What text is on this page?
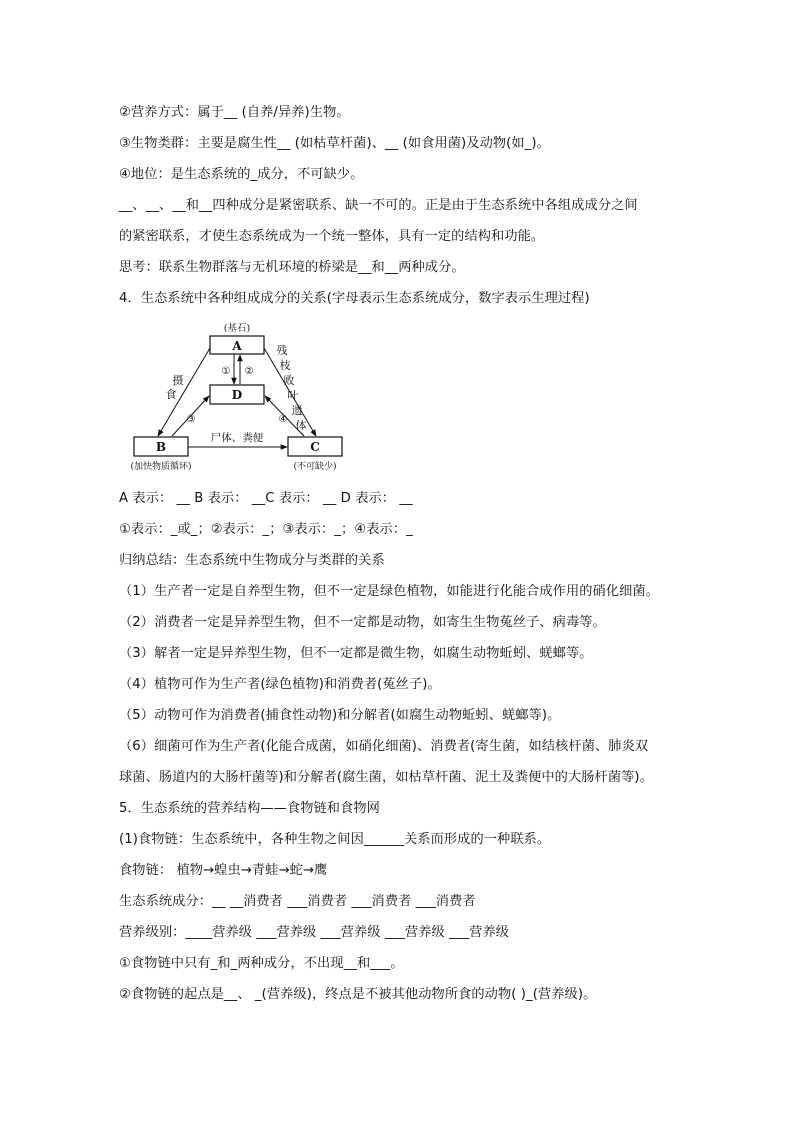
②营养方式：属于__ (自养/异养)生物。
③生物类群：主要是腐生性__ (如枯草杆菌)、__ (如食用菌)及动物(如_)。
④地位：是生态系统的_成分，不可缺少。
__、__、__和__四种成分是紧密联系、缺一不可的。正是由于生态系统中各组成成分之间
的紧密联系，才使生态系统成为一个统一整体，具有一定的结构和功能。
思考：联系生物群落与无机环境的桥梁是__和__两种成分。
4．生态系统中各种组成成分的关系(字母表示生态系统成分，数字表示生理过程)
A
D
B	C
(基石)
(加快物质循环)	(不可缺少)
① ②
③	④
摄
食
残
枝
败
叶
遗
体
尸体、粪便
A 表示： __ B 表示： __C 表示： __ D 表示： __
①表示：_或_；②表示：_；③表示：_；④表示：_
归纳总结：生态系统中生物成分与类群的关系
（1）生产者一定是自养型生物，但不一定是绿色植物，如能进行化能合成作用的硝化细菌。
（2）消费者一定是异养型生物，但不一定都是动物，如寄生生物菟丝子、病毒等。
（3）解者一定是异养型生物，但不一定都是微生物，如腐生动物蚯蚓、蜣螂等。
（4）植物可作为生产者(绿色植物)和消费者(菟丝子)。
（5）动物可作为消费者(捕食性动物)和分解者(如腐生动物蚯蚓、蜣螂等)。
（6）细菌可作为生产者(化能合成菌，如硝化细菌)、消费者(寄生菌，如结核杆菌、肺炎双
球菌、肠道内的大肠杆菌等)和分解者(腐生菌，如枯草杆菌、泥土及粪便中的大肠杆菌等)。
5．生态系统的营养结构——食物链和食物网
(1)食物链：生态系统中，各种生物之间因______关系而形成的一种联系。
食物链： 植物→蝗虫→青蛙→蛇→鹰
生态系统成分：__ __消费者 ___消费者 ___消费者 ___消费者
营养级别：____营养级 ___营养级 ___营养级 ___营养级 ___营养级
①食物链中只有_和_两种成分，不出现__和___。
②食物链的起点是__、 _(营养级)，终点是不被其他动物所食的动物( )_(营养级)。
